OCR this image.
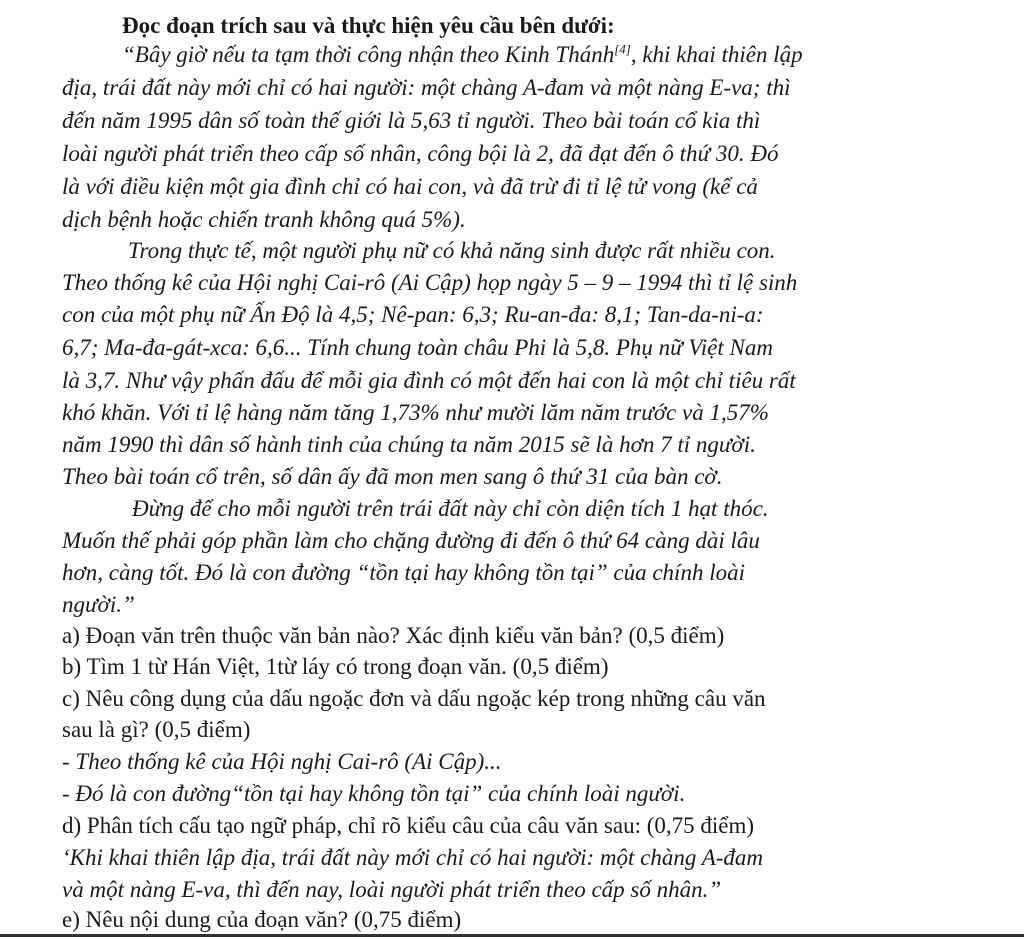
Đọc đoạn trích sau và thực hiện yêu cầu bên dưới:
“Bây giờ nếu ta tạm thời công nhận theo Kinh Thánh[4], khi khai thiên lập
địa, trái đất này mới chỉ có hai người: một chàng A-đam và một nàng E-va; thì
đến năm 1995 dân số toàn thế giới là 5,63 tỉ người. Theo bài toán cổ kia thì
loài người phát triển theo cấp số nhân, công bội là 2, đã đạt đến ô thứ 30. Đó
là với điều kiện một gia đình chỉ có hai con, và đã trừ đi tỉ lệ tử vong (kể cả
dịch bệnh hoặc chiến tranh không quá 5%).
Trong thực tế, một người phụ nữ có khả năng sinh được rất nhiều con.
Theo thống kê của Hội nghị Cai-rô (Ai Cập) họp ngày 5 – 9 – 1994 thì tỉ lệ sinh
con của một phụ nữ Ấn Độ là 4,5; Nê-pan: 6,3; Ru-an-đa: 8,1; Tan-da-ni-a:
6,7; Ma-đa-gát-xca: 6,6... Tính chung toàn châu Phi là 5,8. Phụ nữ Việt Nam
là 3,7. Như vậy phấn đấu để mỗi gia đình có một đến hai con là một chỉ tiêu rất
khó khăn. Với tỉ lệ hàng năm tăng 1,73% như mười lăm năm trước và 1,57%
năm 1990 thì dân số hành tinh của chúng ta năm 2015 sẽ là hơn 7 tỉ người.
Theo bài toán cổ trên, số dân ấy đã mon men sang ô thứ 31 của bàn cờ.
Đừng để cho mỗi người trên trái đất này chỉ còn diện tích 1 hạt thóc.
Muốn thế phải góp phần làm cho chặng đường đi đến ô thứ 64 càng dài lâu
hơn, càng tốt. Đó là con đường “tồn tại hay không tồn tại” của chính loài
người.”
a) Đoạn văn trên thuộc văn bản nào? Xác định kiểu văn bản? (0,5 điểm)
b) Tìm 1 từ Hán Việt, 1từ láy có trong đoạn văn. (0,5 điểm)
c) Nêu công dụng của dấu ngoặc đơn và dấu ngoặc kép trong những câu văn
sau là gì? (0,5 điểm)
- Theo thống kê của Hội nghị Cai-rô (Ai Cập)...
- Đó là con đường“tồn tại hay không tồn tại” của chính loài người.
d) Phân tích cấu tạo ngữ pháp, chỉ rõ kiểu câu của câu văn sau: (0,75 điểm)
‘Khi khai thiên lập địa, trái đất này mới chỉ có hai người: một chàng A-đam
và một nàng E-va, thì đến nay, loài người phát triển theo cấp số nhân.”
e) Nêu nội dung của đoạn văn? (0,75 điểm)
